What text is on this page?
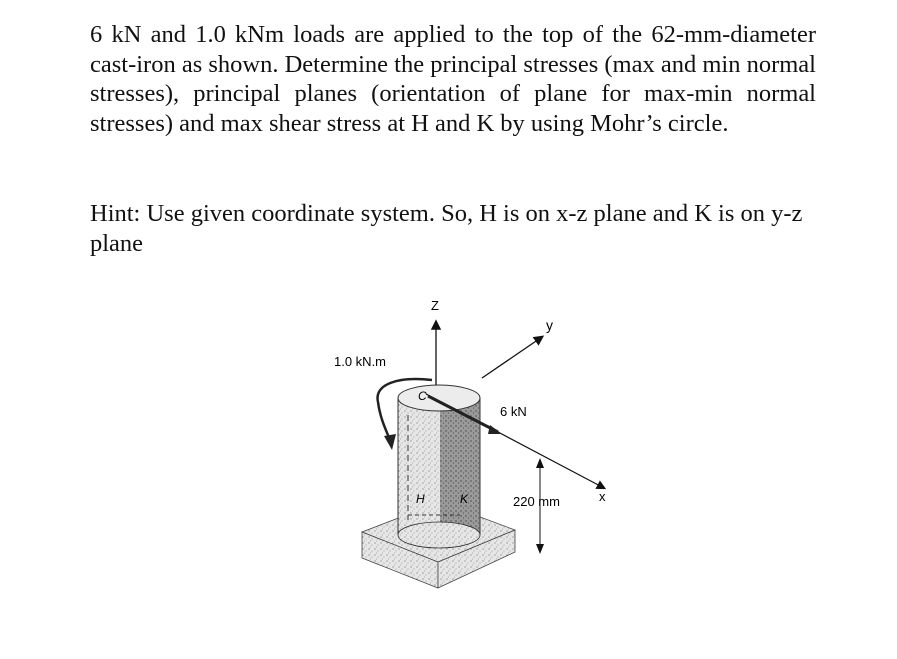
6 kN and 1.0 kNm loads are applied to the top of the 62-mm-diameter cast-iron as shown. Determine the principal stresses (max and min normal stresses), principal planes (orientation of plane for max-min normal stresses) and max shear stress at H and K by using Mohr’s circle.

Hint: Use given coordinate system. So, H is on x-z plane and K is on y-z plane

Z
y
x
1.0 kN.m
6 kN
C
H	K	220 mm
